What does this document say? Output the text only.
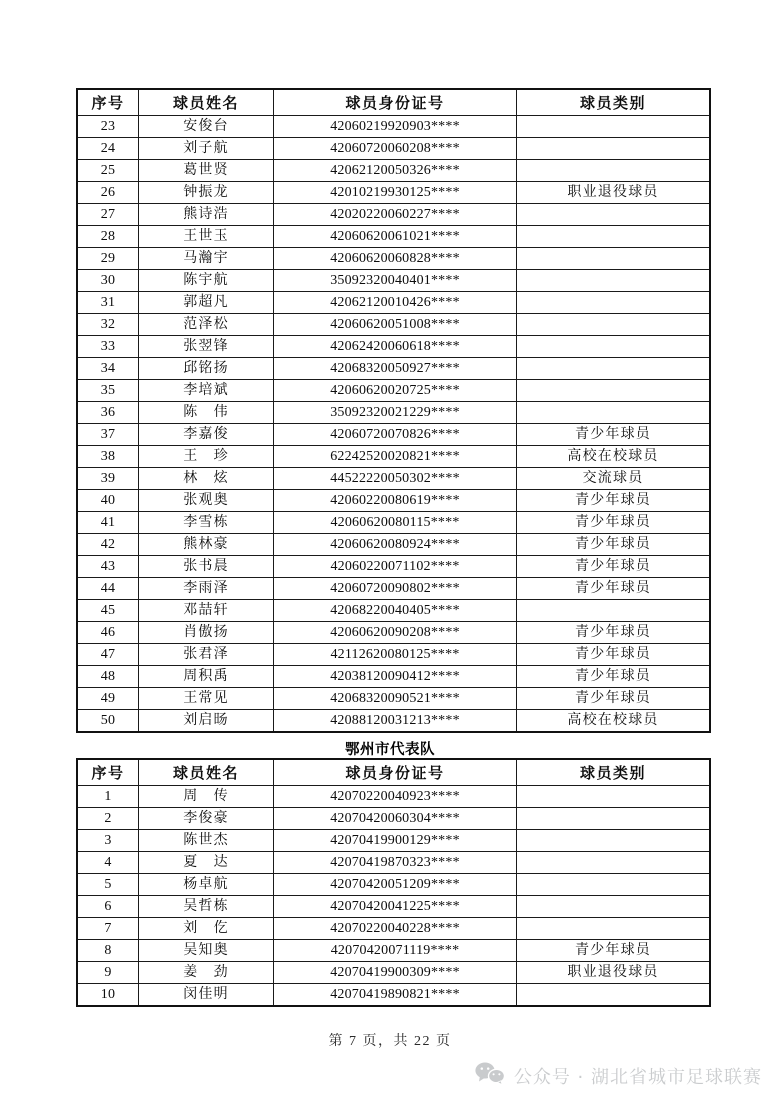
序号	球员姓名	球员身份证号	球员类别
23	安俊台	42060219920903****	
24	刘子航	42060720060208****	
25	葛世贤	42062120050326****	
26	钟振龙	42010219930125****	职业退役球员
27	熊诗浩	42020220060227****	
28	王世玉	42060620061021****	
29	马瀚宇	42060620060828****	
30	陈宇航	35092320040401****	
31	郭超凡	42062120010426****	
32	范泽松	42060620051008****	
33	张翌锋	42062420060618****	
34	邱铭扬	42068320050927****	
35	李培斌	42060620020725****	
36	陈　伟	35092320021229****	
37	李嘉俊	42060720070826****	青少年球员
38	王　珍	62242520020821****	高校在校球员
39	林　炫	44522220050302****	交流球员
40	张观奥	42060220080619****	青少年球员
41	李雪栋	42060620080115****	青少年球员
42	熊林豪	42060620080924****	青少年球员
43	张书晨	42060220071102****	青少年球员
44	李雨泽	42060720090802****	青少年球员
45	邓喆轩	42068220040405****	
46	肖傲扬	42060620090208****	青少年球员
47	张君泽	42112620080125****	青少年球员
48	周积禹	42038120090412****	青少年球员
49	王常见	42068320090521****	青少年球员
50	刘启旸	42088120031213****	高校在校球员
鄂州市代表队
序号	球员姓名	球员身份证号	球员类别
1	周　传	42070220040923****	
2	李俊豪	42070420060304****	
3	陈世杰	42070419900129****	
4	夏　达	42070419870323****	
5	杨卓航	42070420051209****	
6	吴哲栋	42070420041225****	
7	刘　仡	42070220040228****	
8	吴知奥	42070420071119****	青少年球员
9	姜　劲	42070419900309****	职业退役球员
10	闵佳明	42070419890821****	
第 7 页，共 22 页
公众号 · 湖北省城市足球联赛
